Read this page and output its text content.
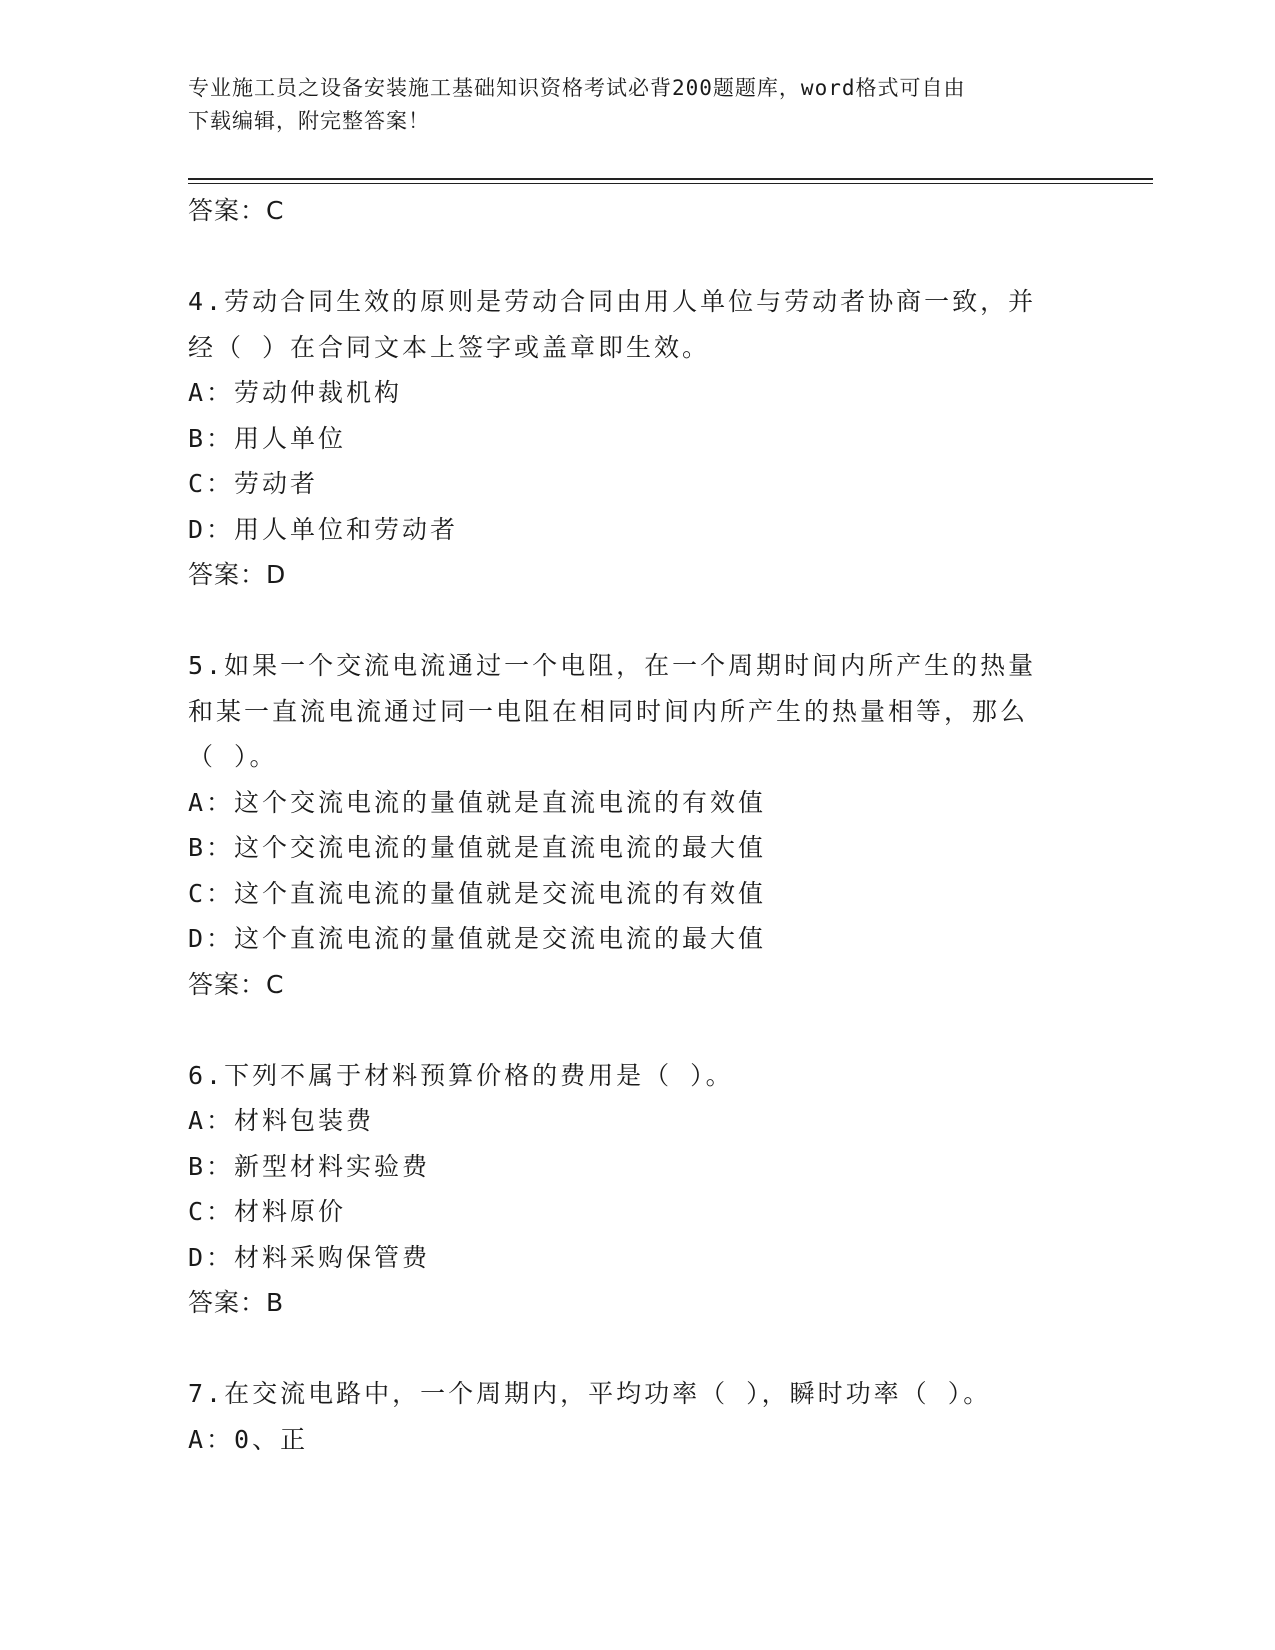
专业施工员之设备安装施工基础知识资格考试必背200题题库，word格式可自由
下载编辑，附完整答案！
答案：C
4.劳动合同生效的原则是劳动合同由用人单位与劳动者协商一致，并
经（ ）在合同文本上签字或盖章即生效。
A：劳动仲裁机构
B：用人单位
C：劳动者
D：用人单位和劳动者
答案：D
5.如果一个交流电流通过一个电阻，在一个周期时间内所产生的热量
和某一直流电流通过同一电阻在相同时间内所产生的热量相等，那么
（ ）。
A：这个交流电流的量值就是直流电流的有效值
B：这个交流电流的量值就是直流电流的最大值
C：这个直流电流的量值就是交流电流的有效值
D：这个直流电流的量值就是交流电流的最大值
答案：C
6.下列不属于材料预算价格的费用是（ ）。
A：材料包装费
B：新型材料实验费
C：材料原价
D：材料采购保管费
答案：B
7.在交流电路中，一个周期内，平均功率（ ），瞬时功率（ ）。
A：0、正
